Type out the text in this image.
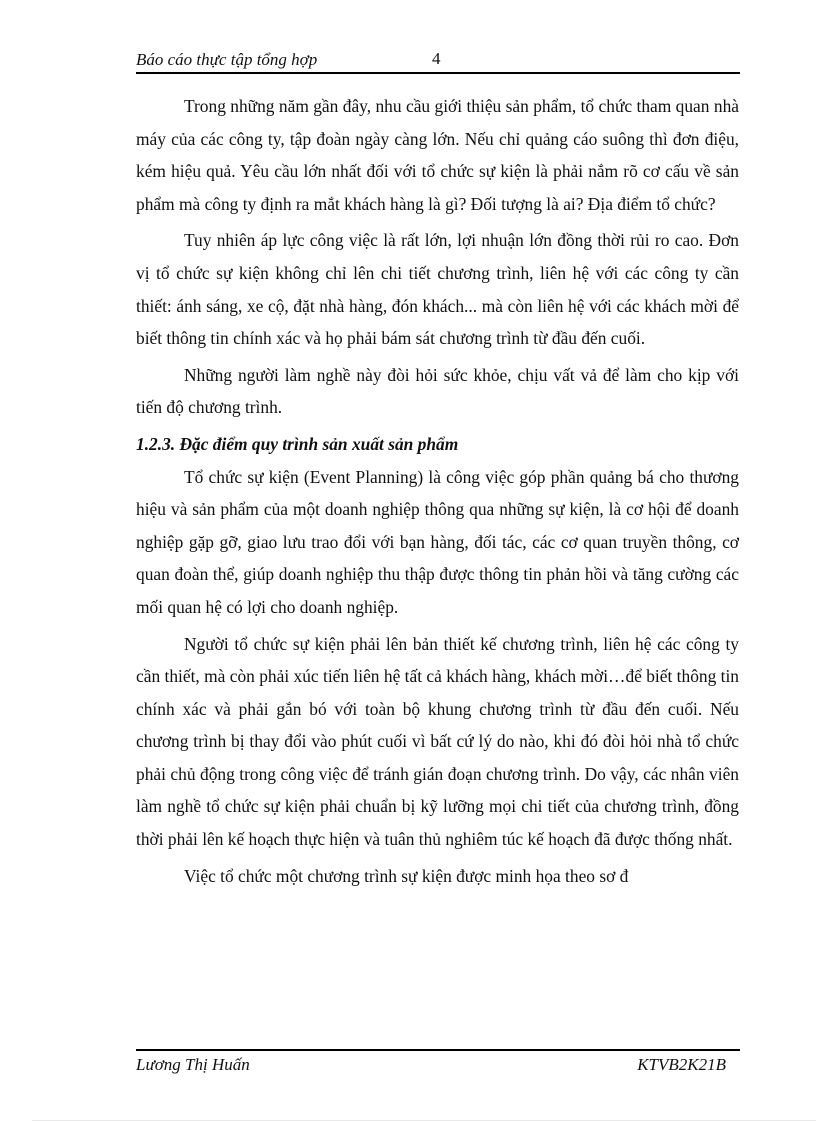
Báo cáo thực tập tổng hợp	4

Trong những năm gần đây, nhu cầu giới thiệu sản phẩm, tổ chức tham quan nhà máy của các công ty, tập đoàn ngày càng lớn. Nếu chỉ quảng cáo suông thì đơn điệu, kém hiệu quả. Yêu cầu lớn nhất đối với tổ chức sự kiện là phải nắm rõ cơ cấu về sản phẩm mà công ty định ra mắt khách hàng là gì? Đối tượng là ai? Địa điểm tổ chức?

Tuy nhiên áp lực công việc là rất lớn, lợi nhuận lớn đồng thời rủi ro cao. Đơn vị tổ chức sự kiện không chỉ lên chi tiết chương trình, liên hệ với các công ty cần thiết: ánh sáng, xe cộ, đặt nhà hàng, đón khách... mà còn liên hệ với các khách mời để biết thông tin chính xác và họ phải bám sát chương trình từ đầu đến cuối.

Những người làm nghề này đòi hỏi sức khỏe, chịu vất vả để làm cho kịp với tiến độ chương trình.

1.2.3. Đặc điểm quy trình sản xuất sản phẩm

Tổ chức sự kiện (Event Planning) là công việc góp phần quảng bá cho thương hiệu và sản phẩm của một doanh nghiệp thông qua những sự kiện, là cơ hội để doanh nghiệp gặp gỡ, giao lưu trao đổi với bạn hàng, đối tác, các cơ quan truyền thông, cơ quan đoàn thể, giúp doanh nghiệp thu thập được thông tin phản hồi và tăng cường các mối quan hệ có lợi cho doanh nghiệp.

Người tổ chức sự kiện phải lên bản thiết kế chương trình, liên hệ các công ty cần thiết, mà còn phải xúc tiến liên hệ tất cả khách hàng, khách mời…để biết thông tin chính xác và phải gắn bó với toàn bộ khung chương trình từ đầu đến cuối. Nếu chương trình bị thay đổi vào phút cuối vì bất cứ lý do nào, khi đó đòi hỏi nhà tổ chức phải chủ động trong công việc để tránh gián đoạn chương trình. Do vậy, các nhân viên làm nghề tổ chức sự kiện phải chuẩn bị kỹ lưỡng mọi chi tiết của chương trình, đồng thời phải lên kế hoạch thực hiện và tuân thủ nghiêm túc kế hoạch đã được thống nhất.

Việc tổ chức một chương trình sự kiện được minh họa theo sơ đ

Lương Thị Huấn	KTVB2K21B
